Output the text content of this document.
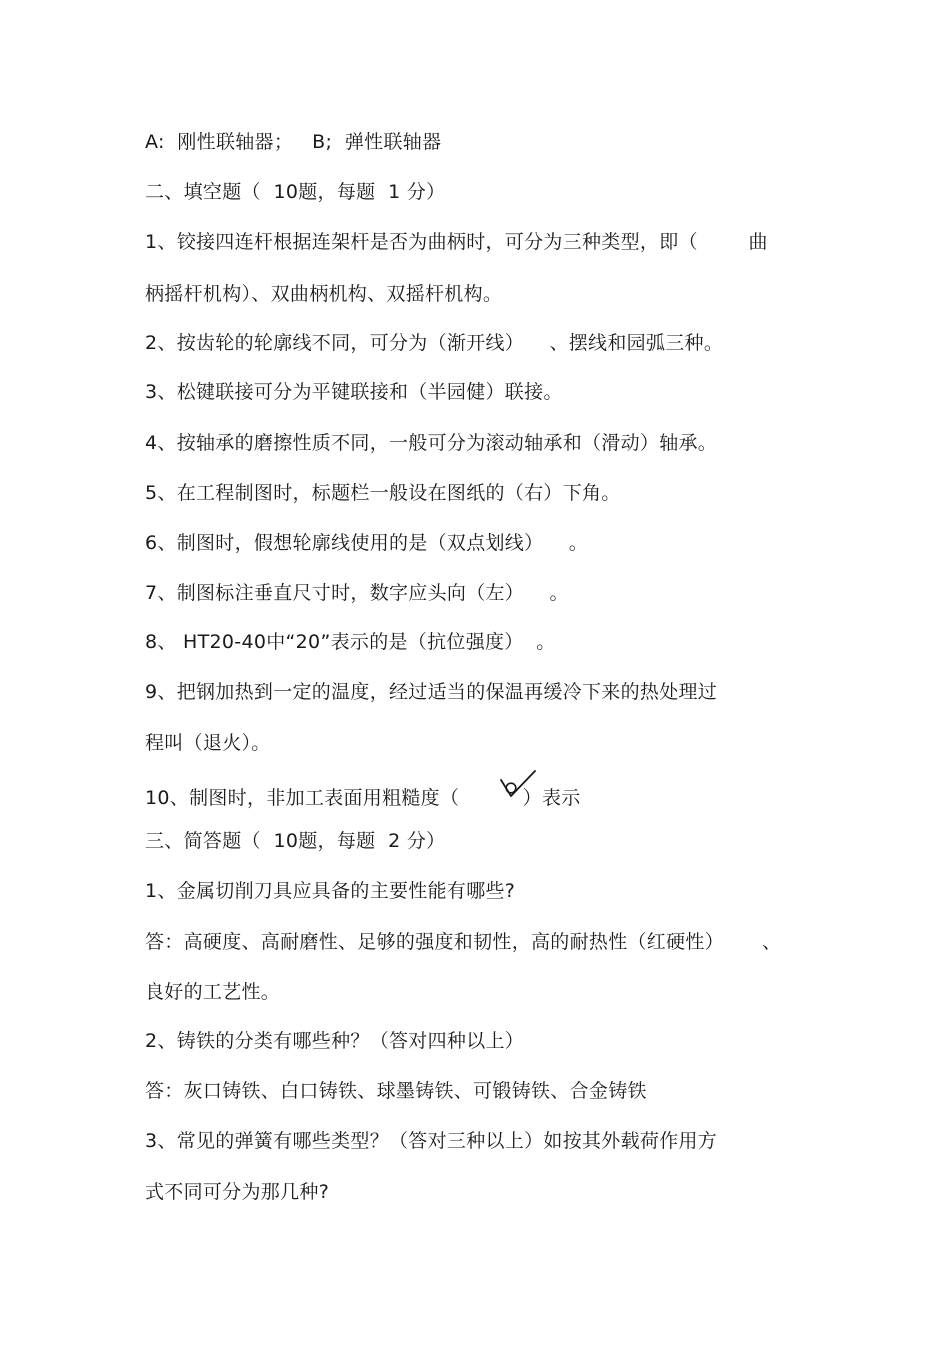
A:  刚性联轴器；   B;  弹性联轴器
二、填空题（  10题，每题  1 分）
1、铰接四连杆根据连架杆是否为曲柄时，可分为三种类型，即（        曲
柄摇杆机构）、双曲柄机构、双摇杆机构。
2、按齿轮的轮廓线不同，可分为（渐开线）    、摆线和园弧三种。
3、松键联接可分为平键联接和（半园健）联接。
4、按轴承的磨擦性质不同，一般可分为滚动轴承和（滑动）轴承。
5、在工程制图时，标题栏一般设在图纸的（右）下角。
6、制图时，假想轮廓线使用的是（双点划线）    。
7、制图标注垂直尺寸时，数字应头向（左）    。
8、 HT20-40中“20”表示的是（抗位强度）  。
9、把钢加热到一定的温度，经过适当的保温再缓冷下来的热处理过
程叫（退火）。
10、制图时，非加工表面用粗糙度（          ）表示
三、简答题（  10题，每题  2 分）
1、金属切削刀具应具备的主要性能有哪些?
答：高硬度、高耐磨性、足够的强度和韧性，高的耐热性（红硬性）      、
良好的工艺性。
2、铸铁的分类有哪些种？（答对四种以上）
答：灰口铸铁、白口铸铁、球墨铸铁、可锻铸铁、合金铸铁
3、常见的弹簧有哪些类型？（答对三种以上）如按其外载荷作用方
式不同可分为那几种?
